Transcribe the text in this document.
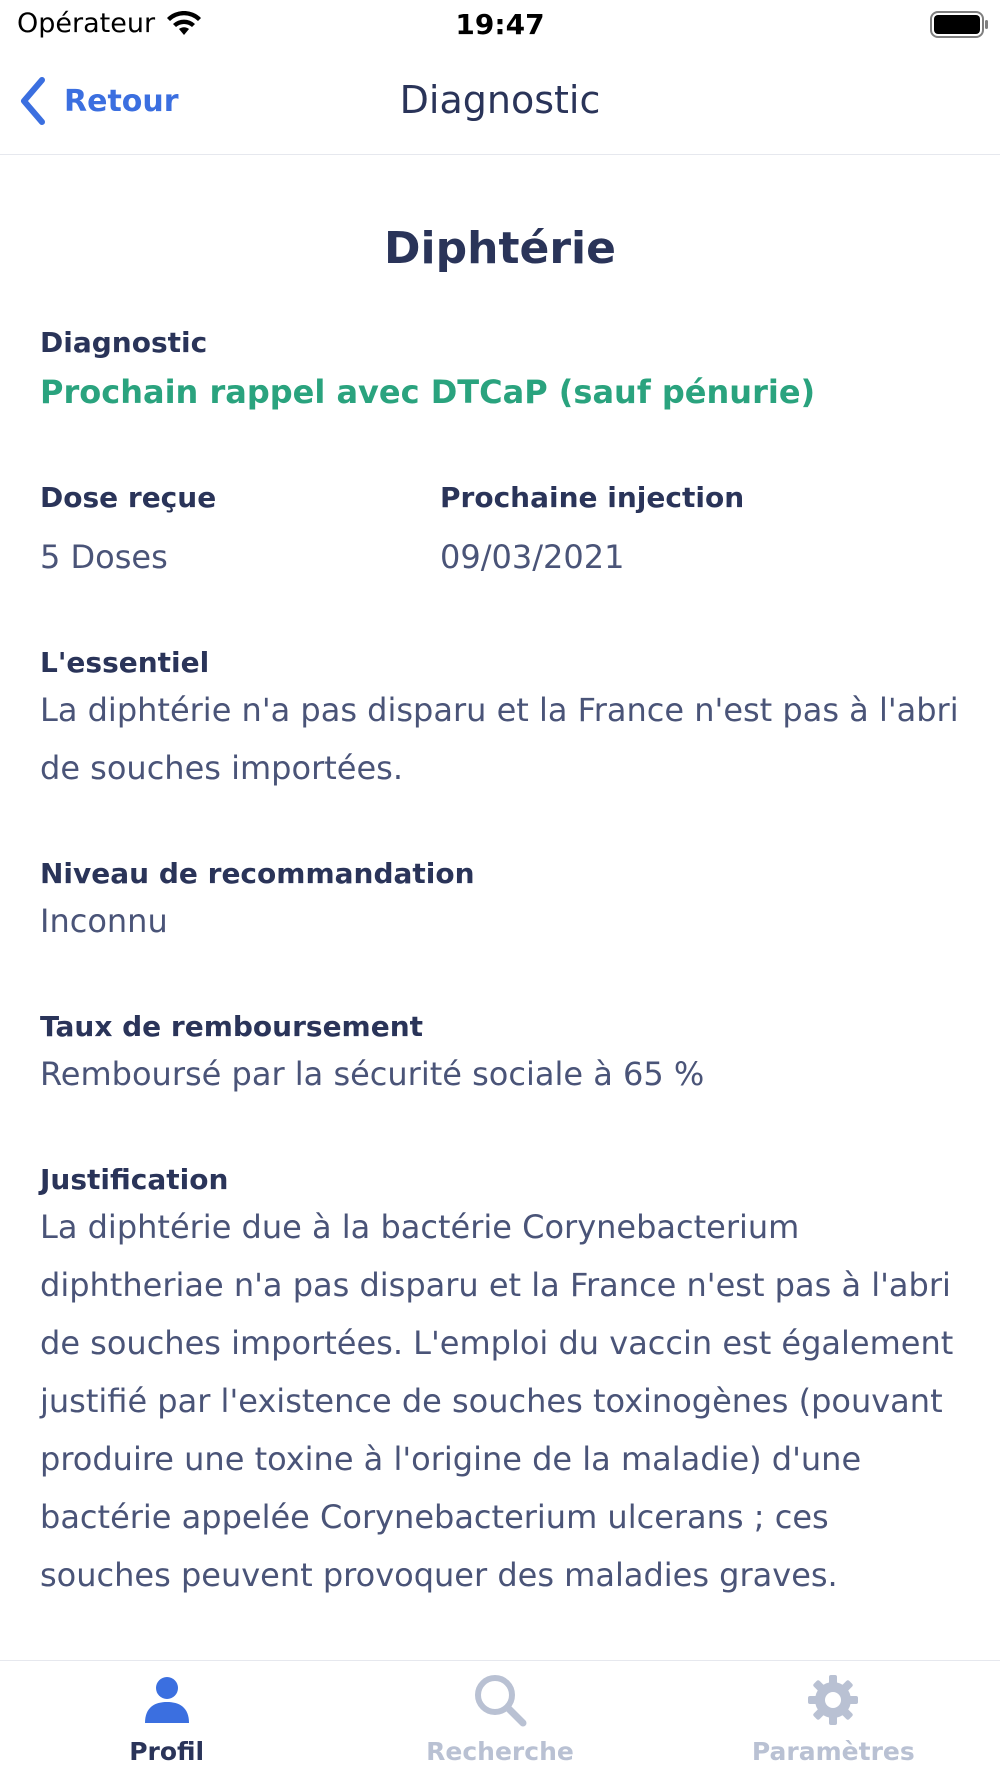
Opérateur	19:47
Retour	Diagnostic
Diphtérie
Diagnostic
Prochain rappel avec DTCaP (sauf pénurie)
Dose reçue
5 Doses
Prochaine injection
09/03/2021
L'essentiel
La diphtérie n'a pas disparu et la France n'est pas à l'abri de souches importées.
Niveau de recommandation
Inconnu
Taux de remboursement
Remboursé par la sécurité sociale à 65 %
Justification
La diphtérie due à la bactérie Corynebacterium diphtheriae n'a pas disparu et la France n'est pas à l'abri de souches importées. L'emploi du vaccin est également justifié par l'existence de souches toxinogènes (pouvant produire une toxine à l'origine de la maladie) d'une bactérie appelée Corynebacterium ulcerans ; ces souches peuvent provoquer des maladies graves.
Profil	Recherche	Paramètres
